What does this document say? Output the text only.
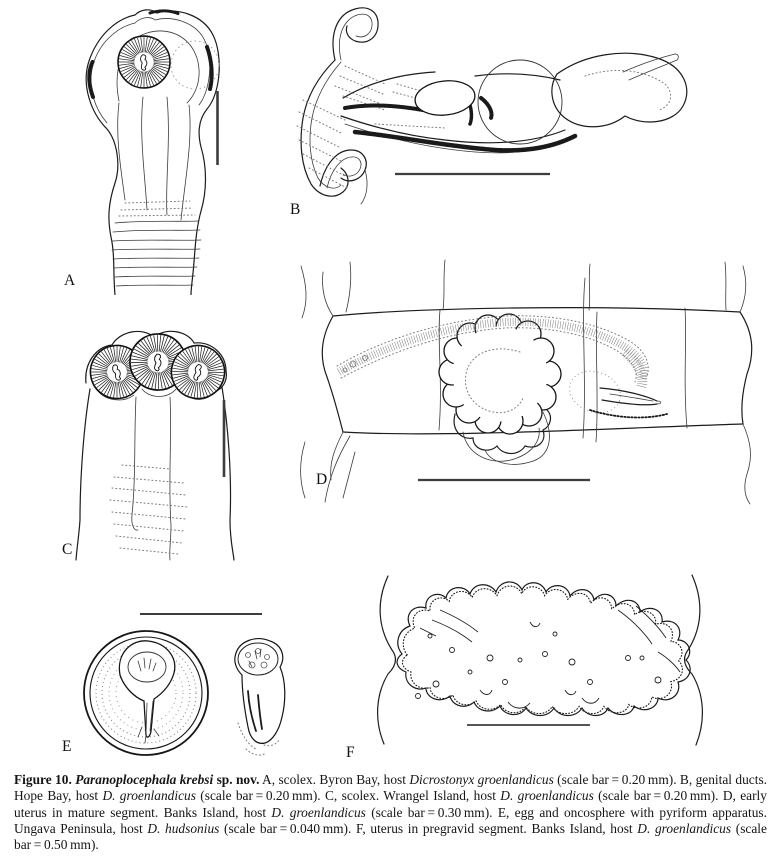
A
B
C
D
E	F
Figure 10. Paranoplocephala krebsi sp. nov. A, scolex. Byron Bay, host Dicrostonyx groenlandicus (scale bar = 0.20 mm). B, genital ducts. Hope Bay, host D. groenlandicus (scale bar = 0.20 mm). C, scolex. Wrangel Island, host D. groenlandicus (scale bar = 0.20 mm). D, early uterus in mature segment. Banks Island, host D. groenlandicus (scale bar = 0.30 mm). E, egg and oncosphere with pyriform apparatus. Ungava Peninsula, host D. hudsonius (scale bar = 0.040 mm). F, uterus in pregravid segment. Banks Island, host D. groenlandicus (scale bar = 0.50 mm).
